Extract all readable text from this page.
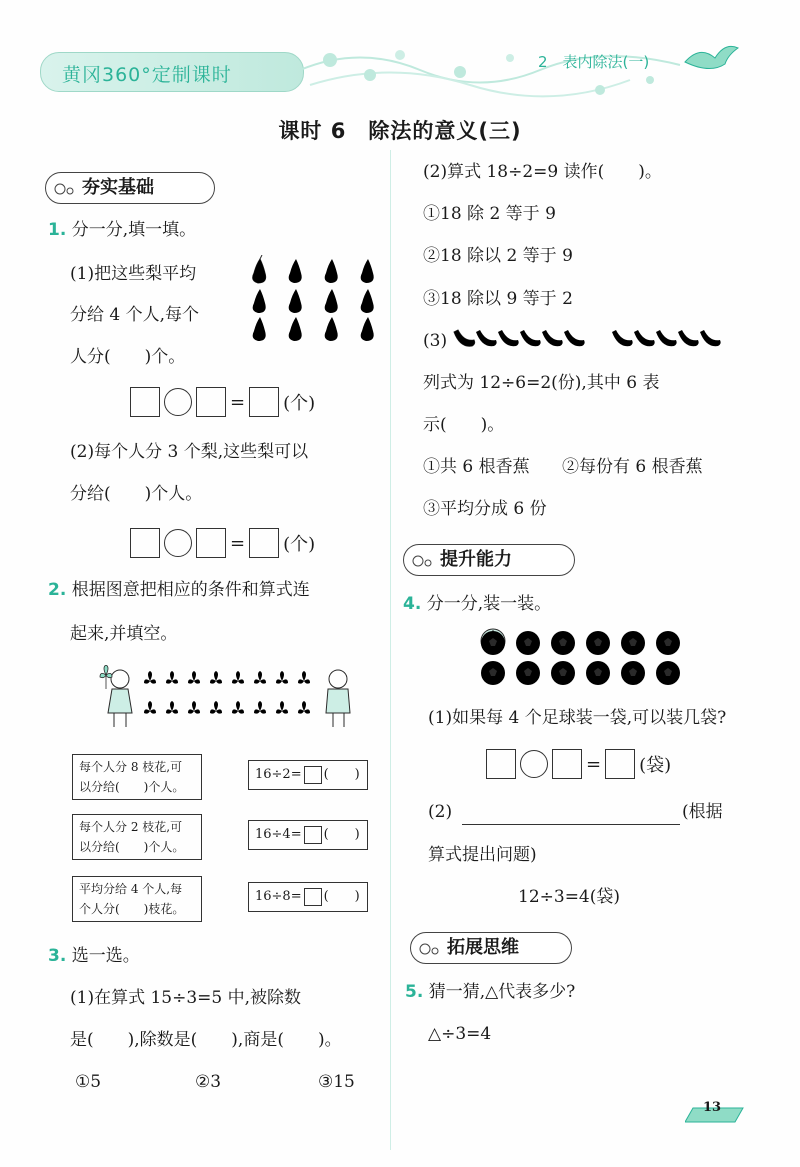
黄冈360°定制课时
2　表内除法(一)
课时 6　除法的意义(三)
夯实基础
1. 分一分,填一填。
(1)把这些梨平均
分给 4 个人,每个
人分(　　)个。
= (个)
(2)每个人分 3 个梨,这些梨可以
分给(　　)个人。
= (个)
2. 根据图意把相应的条件和算式连
起来,并填空。
每个人分 8 枝花,可
以分给(　　)个人。
每个人分 2 枝花,可
以分给(　　)个人。
平均分给 4 个人,每
个人分(　　)枝花。
16÷2= (　　)
16÷4= (　　)
16÷8= (　　)
3. 选一选。
(1)在算式 15÷3=5 中,被除数
是(　　),除数是(　　),商是(　　)。
①5	②3	③15
(2)算式 18÷2=9 读作(　　)。
①18 除 2 等于 9
②18 除以 2 等于 9
③18 除以 9 等于 2
(3)
列式为 12÷6=2(份),其中 6 表
示(　　)。
①共 6 根香蕉 ②每份有 6 根香蕉
③平均分成 6 份
提升能力
4. 分一分,装一装。
(1)如果每 4 个足球装一袋,可以装几袋?
= (袋)
(2)	(根据
算式提出问题)
12÷3=4(袋)
拓展思维
5. 猜一猜,△代表多少?
△÷3=4
13
